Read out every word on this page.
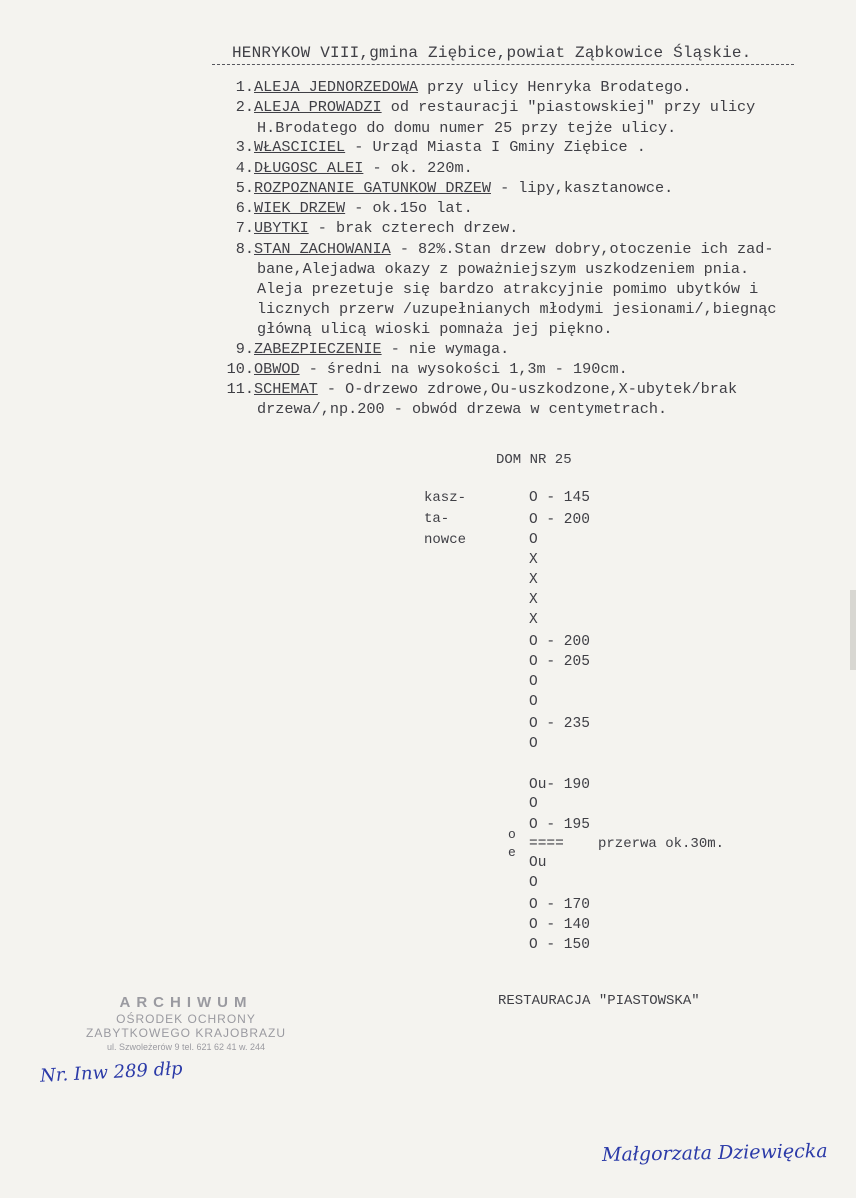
HENRYKOW VIII,gmina Ziębice,powiat Ząbkowice Śląskie.
1.ALEJA JEDNORZEDOWA przy ulicy Henryka Brodatego.
2.ALEJA PROWADZI od restauracji "piastowskiej" przy ulicy
H.Brodatego do domu numer 25 przy tejże ulicy.
3.WŁASCICIEL - Urząd Miasta I Gminy Ziębice .
4.DŁUGOSC ALEI - ok. 220m.
5.ROZPOZNANIE GATUNKOW DRZEW - lipy,kasztanowce.
6.WIEK DRZEW - ok.15o lat.
7.UBYTKI - brak czterech drzew.
8.STAN ZACHOWANIA - 82%.Stan drzew dobry,otoczenie ich zad-
bane,Alejadwa okazy z poważniejszym uszkodzeniem pnia.
Aleja prezetuje się bardzo atrakcyjnie pomimo ubytków i
licznych przerw /uzupełnianych młodymi jesionami/,biegnąc
główną ulicą wioski pomnaża jej piękno.
9.ZABEZPIECZENIE - nie wymaga.
10.OBWOD - średni na wysokości 1,3m - 190cm.
11.SCHEMAT - O-drzewo zdrowe,Ou-uszkodzone,X-ubytek/brak
drzewa/,np.200 - obwód drzewa w centymetrach.
DOM NR 25
kasz-
ta-
nowce
O - 145
O - 200
O
X
X
X
X
O - 200
O - 205
O
O
O - 235
O
Ou- 190
O
O - 195
====
Ou
O
O - 170
O - 140
O - 150
o
e
przerwa ok.30m.
RESTAURACJA "PIASTOWSKA"
ARCHIWUM
OŚRODEK OCHRONY
ZABYTKOWEGO KRAJOBRAZU
ul. Szwoleżerów 9 tel. 621 62 41 w. 244
Nr. Inw 289 dłp
Małgorzata Dziewięcka
